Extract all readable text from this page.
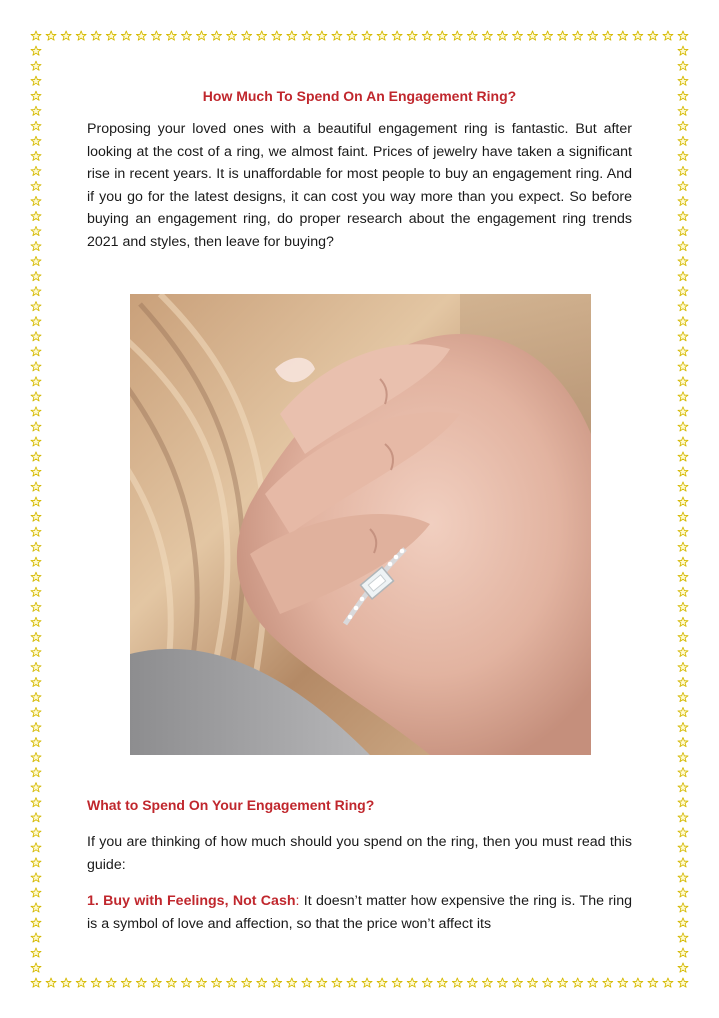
How Much To Spend On An Engagement Ring?

Proposing your loved ones with a beautiful engagement ring is fantastic. But after looking at the cost of a ring, we almost faint. Prices of jewelry have taken a significant rise in recent years. It is unaffordable for most people to buy an engagement ring. And if you go for the latest designs, it can cost you way more than you expect. So before buying an engagement ring, do proper research about the engagement ring trends 2021 and styles, then leave for buying?

What to Spend On Your Engagement Ring?

If you are thinking of how much should you spend on the ring, then you must read this guide:

1. Buy with Feelings, Not Cash: It doesn’t matter how expensive the ring is. The ring is a symbol of love and affection, so that the price won’t affect its
